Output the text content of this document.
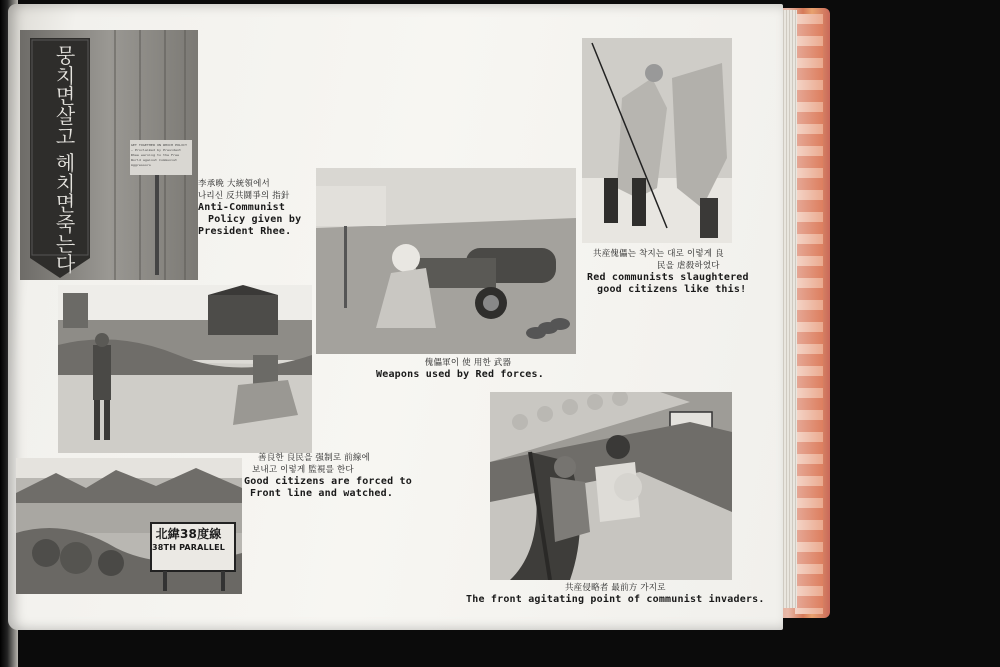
뭉치면살고 헤치면죽는다	GET TOGETHER ON WHICH POLICY — Proclaimed by President Rhee warning to the Free World against Communist Aggressors
李承晩 大統領에서
나리신 反共鬪爭의 指針
Anti-Communist
Policy given by
President Rhee.
傀儡軍이 使 用한 武器
Weapons used by Red forces.
共産傀儡는 착지는 대로 이렇게 良
民을 虐殺하였다
Red communists slaughtered
good citizens like this!
善良한 良民을 强制로 前線에
보내고 이렇게 監視를 한다
Good citizens are forced to
Front line and watched.
北緯38度線
38TH PARALLEL
共産侵略者 最前方 가지로
The front agitating point of communist invaders.
